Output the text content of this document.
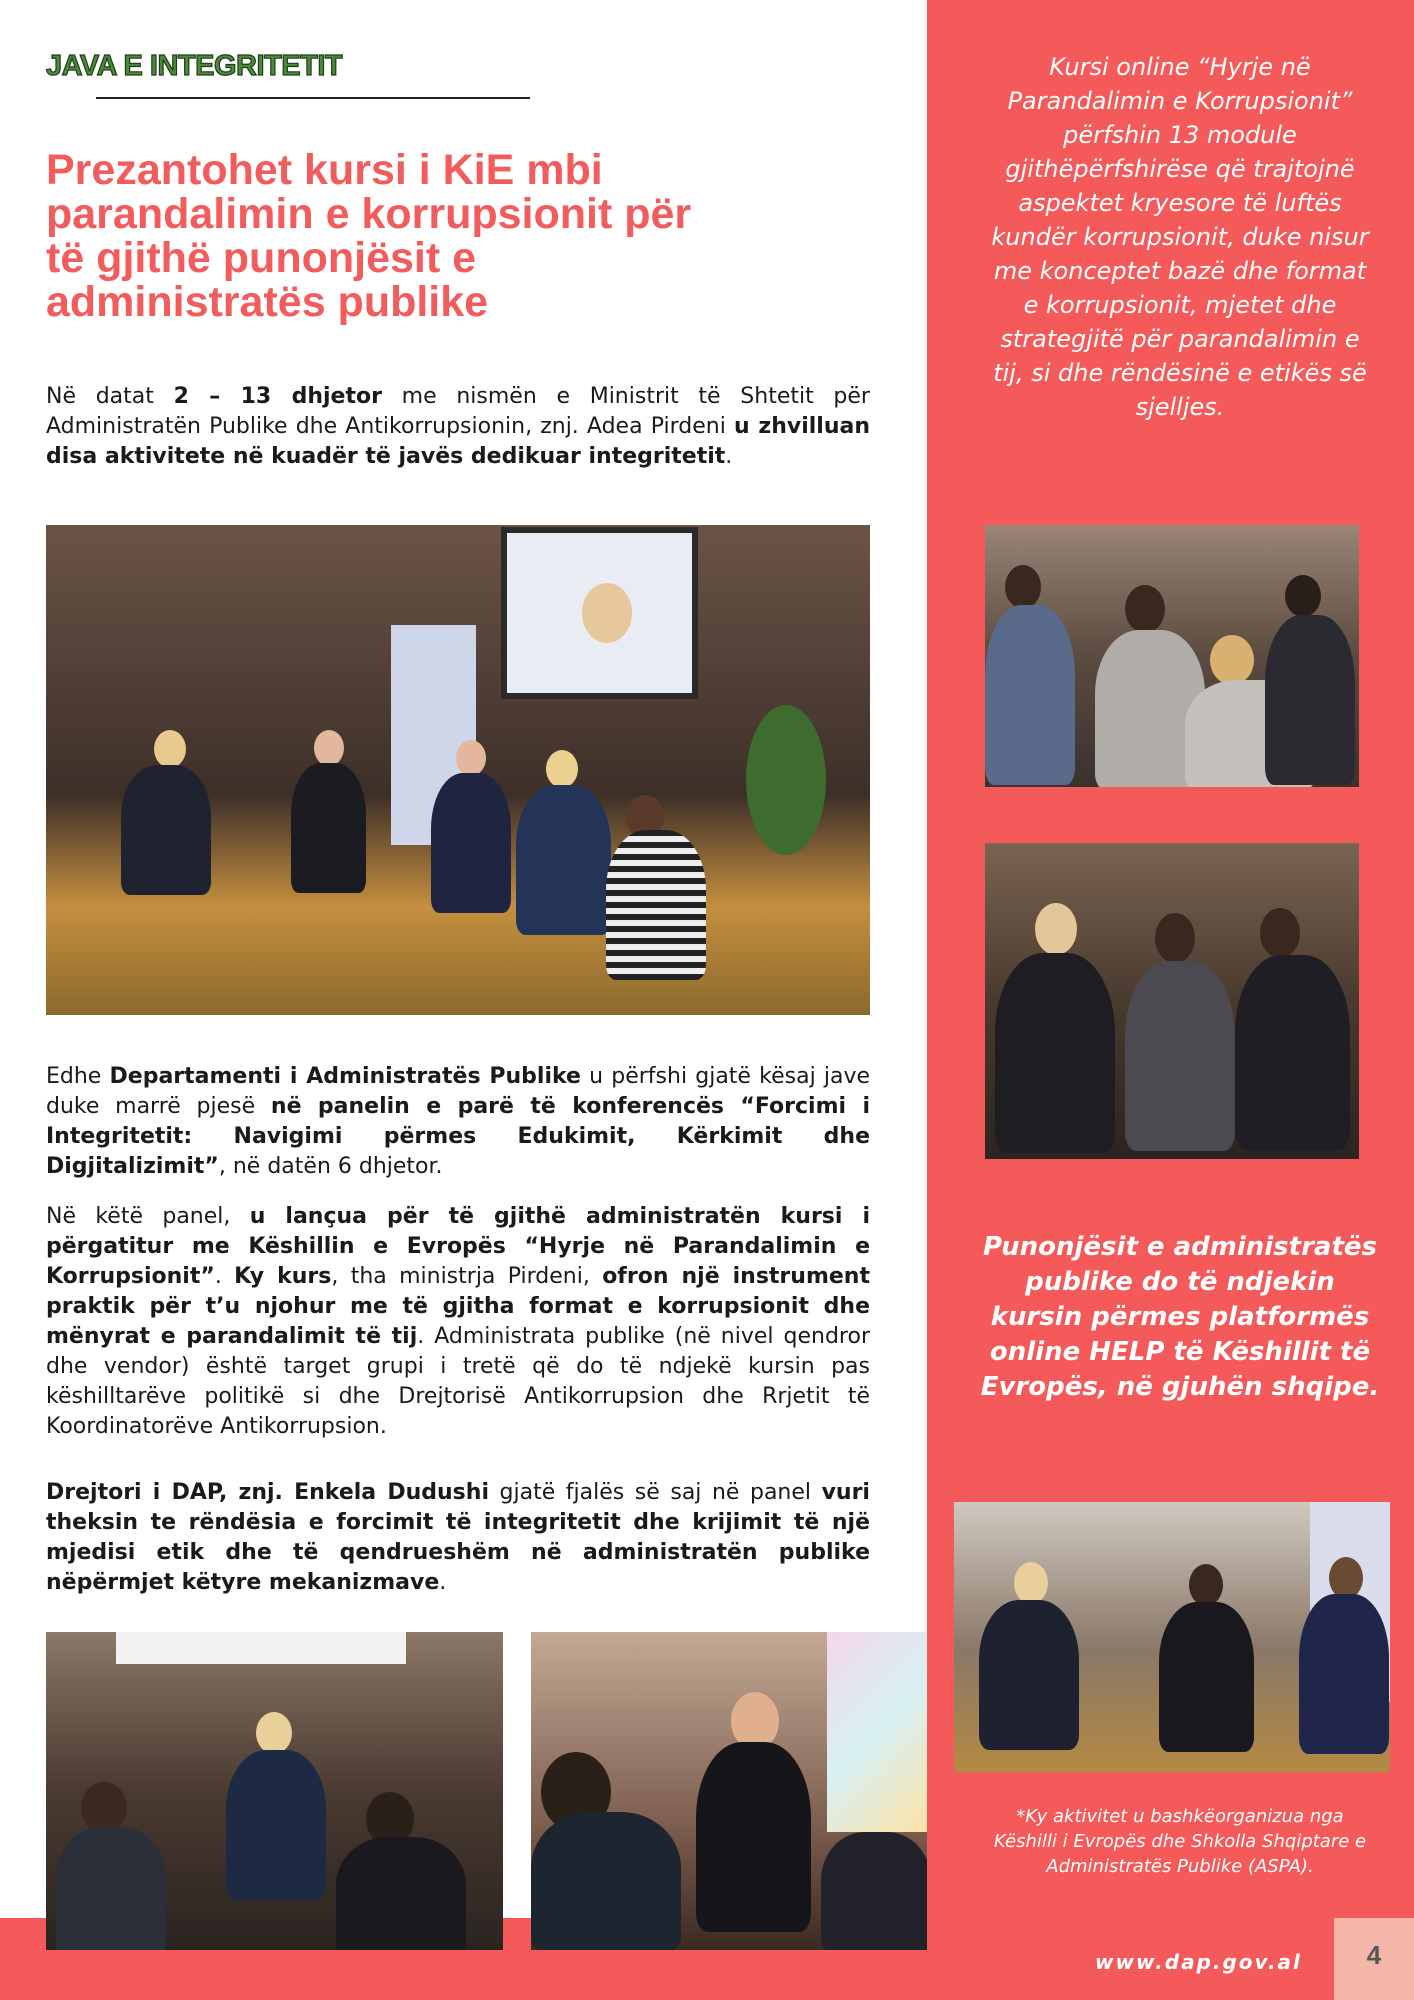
JAVA E INTEGRITETIT
Prezantohet kursi i KiE mbi parandalimin e korrupsionit për të gjithë punonjësit e administratës publike
Në datat 2 – 13 dhjetor me nismën e Ministrit të Shtetit për Administratën Publike dhe Antikorrupsionin, znj. Adea Pirdeni u zhvilluan disa aktivitete në kuadër të javës dedikuar integritetit.
Edhe Departamenti i Administratës Publike u përfshi gjatë kësaj jave duke marrë pjesë në panelin e parë të konferencës “Forcimi i Integritetit: Navigimi përmes Edukimit, Kërkimit dhe Digjitalizimit”, në datën 6 dhjetor.
Në këtë panel, u lançua për të gjithë administratën kursi i përgatitur me Këshillin e Evropës “Hyrje në Parandalimin e Korrupsionit”. Ky kurs, tha ministrja Pirdeni, ofron një instrument praktik për t’u njohur me të gjitha format e korrupsionit dhe mënyrat e parandalimit të tij. Administrata publike (në nivel qendror dhe vendor) është target grupi i tretë që do të ndjekë kursin pas këshilltarëve politikë si dhe Drejtorisë Antikorrupsion dhe Rrjetit të Koordinatorëve Antikorrupsion.
Drejtori i DAP, znj. Enkela Dudushi gjatë fjalës së saj në panel vuri theksin te rëndësia e forcimit të integritetit dhe krijimit të një mjedisi etik dhe të qendrueshëm në administratën publike nëpërmjet këtyre mekanizmave.
Kursi online “Hyrje në Parandalimin e Korrupsionit” përfshin 13 module gjithëpërfshirëse që trajtojnë aspektet kryesore të luftës kundër korrupsionit, duke nisur me konceptet bazë dhe format e korrupsionit, mjetet dhe strategjitë për parandalimin e tij, si dhe rëndësinë e etikës së sjelljes.
Punonjësit e administratës publike do të ndjekin kursin përmes platformës online HELP të Këshillit të Evropës, në gjuhën shqipe.
*Ky aktivitet u bashkëorganizua nga Këshilli i Evropës dhe Shkolla Shqiptare e Administratës Publike (ASPA).
www.dap.gov.al	4
